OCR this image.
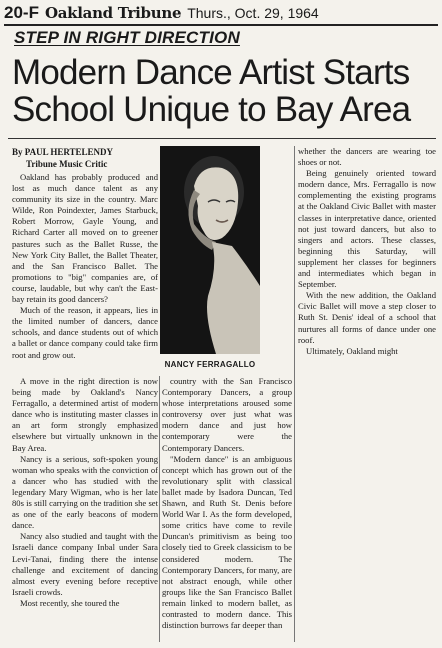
20-F Oakland Tribune Thurs., Oct. 29, 1964
STEP IN RIGHT DIRECTION
Modern Dance Artist Starts
School Unique to Bay Area
By PAUL HERTELENDY
Tribune Music Critic

Oakland has probably produced and lost as much dance talent as any community its size in the country. Marc Wilde, Ron Poindexter, James Starbuck, Robert Morrow, Gayle Young, and Richard Carter all moved on to greener pastures such as the Ballet Russe, the New York City Ballet, the Ballet Theater, and the San Francisco Ballet. The promotions to "big" companies are, of course, laudable, but why can't the East-bay retain its good dancers?

Much of the reason, it appears, lies in the limited number of dancers, dance schools, and dance students out of which a ballet or dance company could take firm root and grow out.

NANCY FERRAGALLO

A move in the right direction is now being made by Oakland's Nancy Ferragallo, a determined artist of modern dance who is instituting master classes in an art form strongly emphasized elsewhere but virtually unknown in the Bay Area.

Nancy is a serious, soft-spoken young woman who speaks with the conviction of a dancer who has studied with the legendary Mary Wigman, who is her late 80s is still carrying on the tradition she set as one of the early beacons of modern dance.

Nancy also studied and taught with the Israeli dance company Inbal under Sara Levi-Tanai, finding there the intense challenge and excitement of dancing almost every evening before receptive Israeli crowds.

Most recently, she toured the

country with the San Francisco Contemporary Dancers, a group whose interpretations aroused some controversy over just what was modern dance and just how contemporary were the Contemporary Dancers.

"Modern dance" is an ambiguous concept which has grown out of the revolutionary split with classical ballet made by Isadora Duncan, Ted Shawn, and Ruth St. Denis before World War I. As the form developed, some critics have come to revile Duncan's primitivism as being too closely tied to Greek classicism to be considered modern. The Contemporary Dancers, for many, are not abstract enough, while other groups like the San Francisco Ballet remain linked to modern ballet, as contrasted to modern dance. This distinction burrows far deeper than

whether the dancers are wearing toe shoes or not.

Being genuinely oriented toward modern dance, Mrs. Ferragallo is now complementing the existing programs at the Oakland Civic Ballet with master classes in interpretative dance, oriented not just toward dancers, but also to singers and actors. These classes, beginning this Saturday, will supplement her classes for beginners and intermediates which began in September.

With the new addition, the Oakland Civic Ballet will move a step closer to Ruth St. Denis' ideal of a school that nurtures all forms of dance under one roof.

Ultimately, Oakland might
